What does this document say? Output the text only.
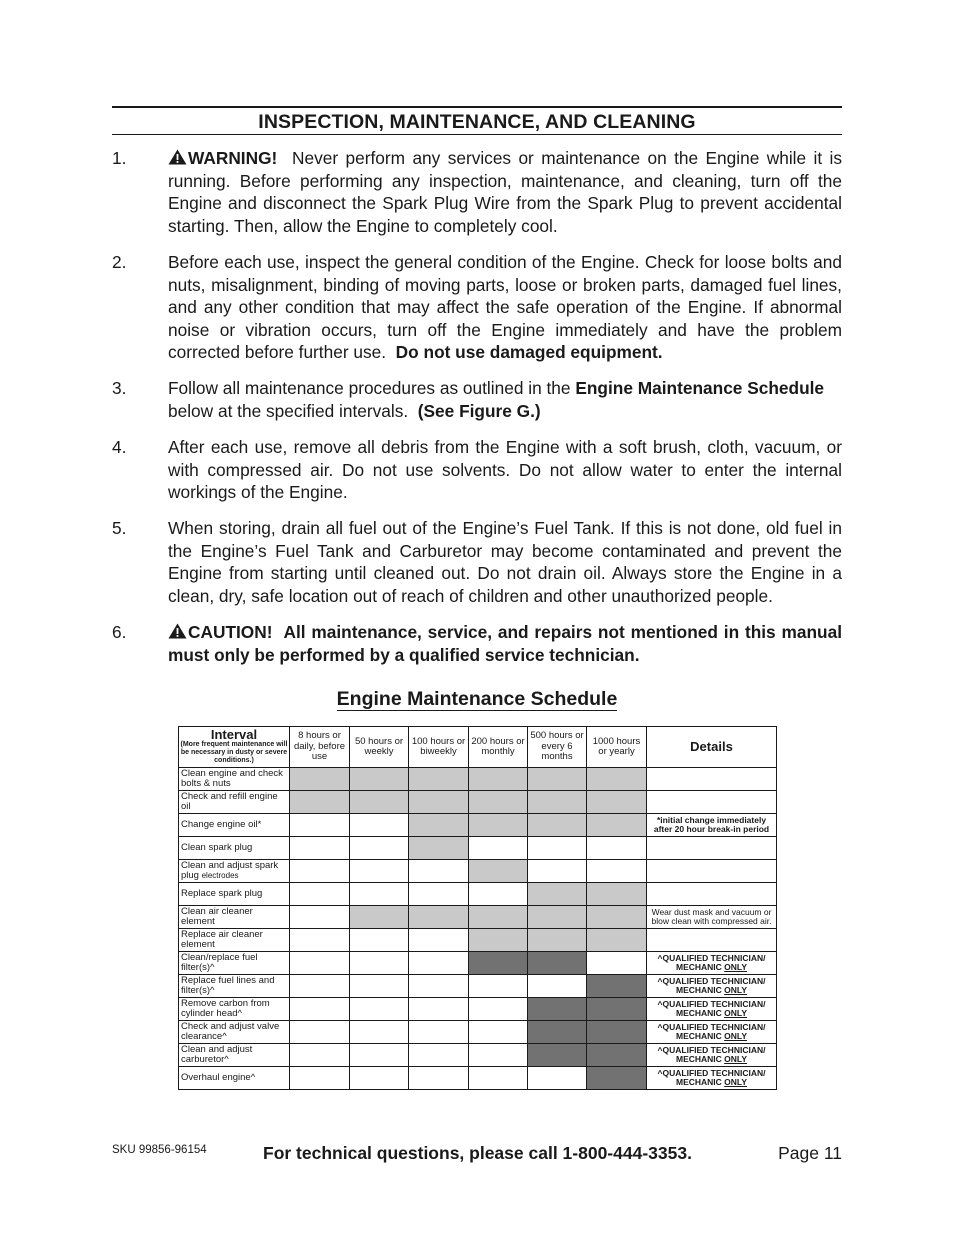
INSPECTION, MAINTENANCE, AND CLEANING
1.	WARNING! Never perform any services or maintenance on the Engine while it is running. Before performing any inspection, maintenance, and cleaning, turn off the Engine and disconnect the Spark Plug Wire from the Spark Plug to prevent accidental starting. Then, allow the Engine to completely cool.
2.	Before each use, inspect the general condition of the Engine. Check for loose bolts and nuts, misalignment, binding of moving parts, loose or broken parts, damaged fuel lines, and any other condition that may affect the safe operation of the Engine. If abnormal noise or vibration occurs, turn off the Engine immediately and have the problem corrected before further use. Do not use damaged equipment.
3.	Follow all maintenance procedures as outlined in the Engine Maintenance Schedule below at the specified intervals. (See Figure G.)
4.	After each use, remove all debris from the Engine with a soft brush, cloth, vacuum, or with compressed air. Do not use solvents. Do not allow water to enter the internal workings of the Engine.
5.	When storing, drain all fuel out of the Engine’s Fuel Tank. If this is not done, old fuel in the Engine’s Fuel Tank and Carburetor may become contaminated and prevent the Engine from starting until cleaned out. Do not drain oil. Always store the Engine in a clean, dry, safe location out of reach of children and other unauthorized people.
6.	CAUTION! All maintenance, service, and repairs not mentioned in this manual must only be performed by a qualified service technician.
Engine Maintenance Schedule
Interval
(More frequent maintenance will be necessary in dusty or severe conditions.)	8 hours or daily, before use	50 hours or weekly	100 hours or biweekly	200 hours or monthly	500 hours or every 6 months	1000 hours or yearly	Details
Clean engine and check bolts & nuts							
Check and refill engine oil							
Change engine oil*							*initial change immediately after 20 hour break-in period
Clean spark plug							
Clean and adjust spark plug electrodes							
Replace spark plug							
Clean air cleaner element							Wear dust mask and vacuum or blow clean with compressed air.
Replace air cleaner element							
Clean/replace fuel filter(s)^							^QUALIFIED TECHNICIAN/ MECHANIC ONLY
Replace fuel lines and filter(s)^							^QUALIFIED TECHNICIAN/ MECHANIC ONLY
Remove carbon from cylinder head^							^QUALIFIED TECHNICIAN/ MECHANIC ONLY
Check and adjust valve clearance^							^QUALIFIED TECHNICIAN/ MECHANIC ONLY
Clean and adjust carburetor^							^QUALIFIED TECHNICIAN/ MECHANIC ONLY
Overhaul engine^							^QUALIFIED TECHNICIAN/ MECHANIC ONLY
SKU 99856-96154	For technical questions, please call 1-800-444-3353.	Page 11
